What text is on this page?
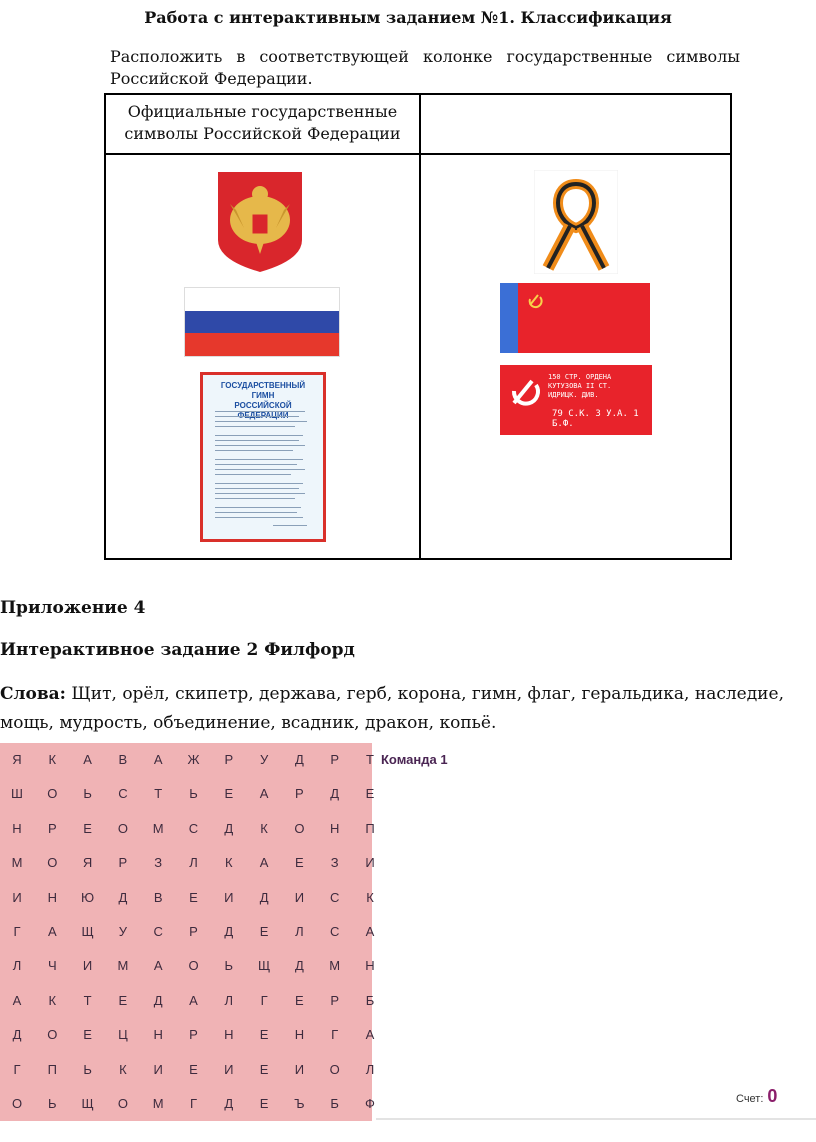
Работа с интерактивным заданием №1. Классификация
Расположить в соответствующей колонке государственные символы
Российской Федерации.
Официальные государственные
символы Российской Федерации
ГОСУДАРСТВЕННЫЙ ГИМН
РОССИЙСКОЙ
150 СТР. ОРДЕНА
КУТУЗОВА II СТ.
ИДРИЦК. ДИВ.
79 С.К. 3 У.А. 1 Б.Ф.
Приложение 4
Интерактивное задание 2 Филфорд
Слова: Щит, орёл, скипетр, держава, герб, корона, гимн, флаг, геральдика, наследие, мощь, мудрость, объединение, всадник, дракон, копьё.
Я	К	А	В	А	Ж	Р	У	Д	Р	Т
Ш	О	Ь	С	Т	Ь	Е	А	Р	Д	Е
Н	Р	Е	О	М	С	Д	К	О	Н	П
М	О	Я	Р	З	Л	К	А	Е	З	И
И	Н	Ю	Д	В	Е	И	Д	И	С	К
Г	А	Щ	У	С	Р	Д	Е	Л	С	А
Л	Ч	И	М	А	О	Ь	Щ	Д	М	Н
А	К	Т	Е	Д	А	Л	Г	Е	Р	Б
Д	О	Е	Ц	Н	Р	Н	Е	Н	Г	А
Г	П	Ь	К	И	Е	И	Е	И	О	Л
О	Ь	Щ	О	М	Г	Д	Е	Ъ	Б	Ф
Команда 1
Счет: 0
